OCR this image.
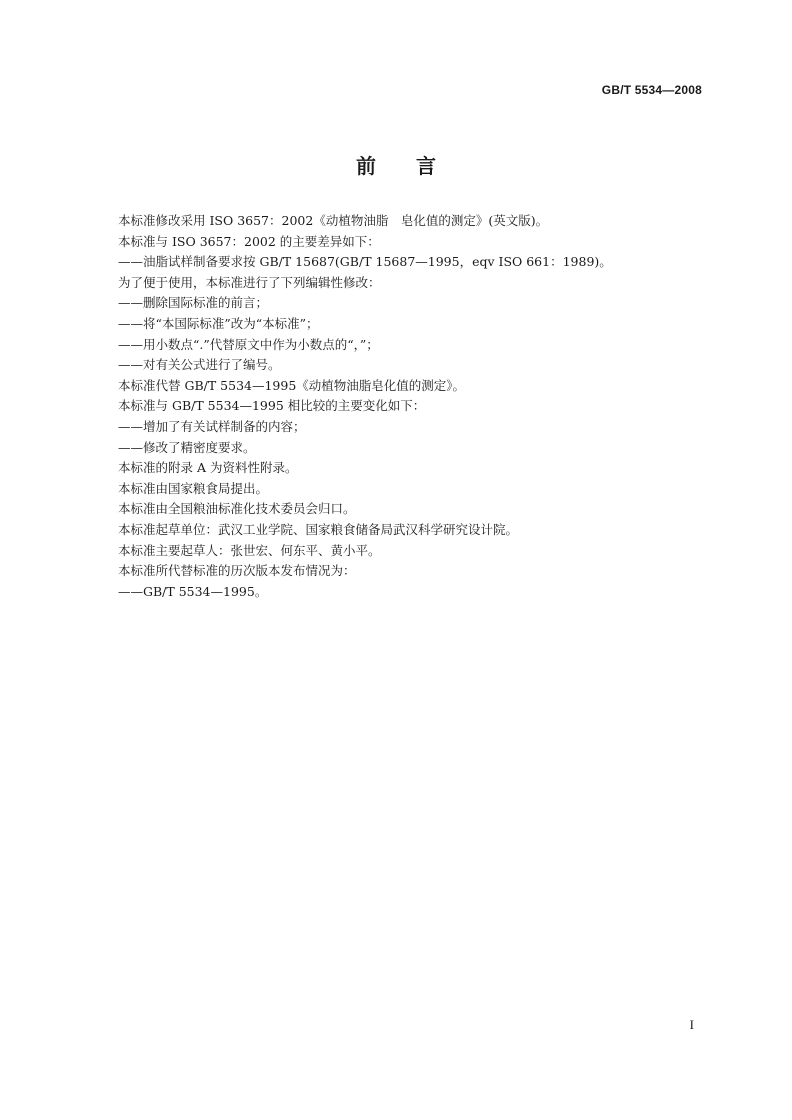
GB/T 5534—2008
前 言
本标准修改采用 ISO 3657：2002《动植物油脂　皂化值的测定》(英文版)。
本标准与 ISO 3657：2002 的主要差异如下：
——油脂试样制备要求按 GB/T 15687(GB/T 15687—1995，eqv ISO 661：1989)。
为了便于使用，本标准进行了下列编辑性修改：
——删除国际标准的前言；
——将“本国际标准”改为“本标准”；
——用小数点“.”代替原文中作为小数点的“，”；
——对有关公式进行了编号。
本标准代替 GB/T 5534—1995《动植物油脂皂化值的测定》。
本标准与 GB/T 5534—1995 相比较的主要变化如下：
——增加了有关试样制备的内容；
——修改了精密度要求。
本标准的附录 A 为资料性附录。
本标准由国家粮食局提出。
本标准由全国粮油标准化技术委员会归口。
本标准起草单位：武汉工业学院、国家粮食储备局武汉科学研究设计院。
本标准主要起草人：张世宏、何东平、黄小平。
本标准所代替标准的历次版本发布情况为：
——GB/T 5534—1995。
I
